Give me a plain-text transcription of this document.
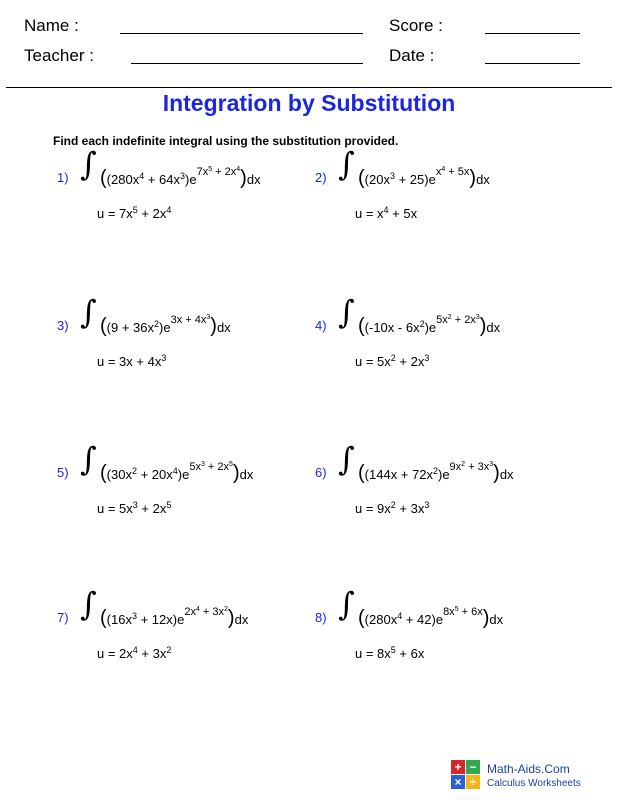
Name :	Score :
Teacher :	Date :
Integration by Substitution
Find each indefinite integral using the substitution provided.
1) ∫ $((280x^4 + 64x^3)e^{7x^5 + 2x^4})dx$
$u = 7x^5 + 2x^4$
2) ∫ $((20x^3 + 25)e^{x^4 + 5x})dx$
$u = x^4 + 5x$
3) ∫ $((9 + 36x^2)e^{3x + 4x^3})dx$
$u = 3x + 4x^3$
4) ∫ $((-10x - 6x^2)e^{5x^2 + 2x^3})dx$
$u = 5x^2 + 2x^3$
5) ∫ $((30x^2 + 20x^4)e^{5x^3 + 2x^5})dx$
$u = 5x^3 + 2x^5$
6) ∫ $((144x + 72x^2)e^{9x^2 + 3x^3})dx$
$u = 9x^2 + 3x^3$
7) ∫ $((16x^3 + 12x)e^{2x^4 + 3x^2})dx$
$u = 2x^4 + 3x^2$
8) ∫ $((280x^4 + 42)e^{8x^5 + 6x})dx$
$u = 8x^5 + 6x$
+ −
× ÷
Math-Aids.Com
Calculus Worksheets
